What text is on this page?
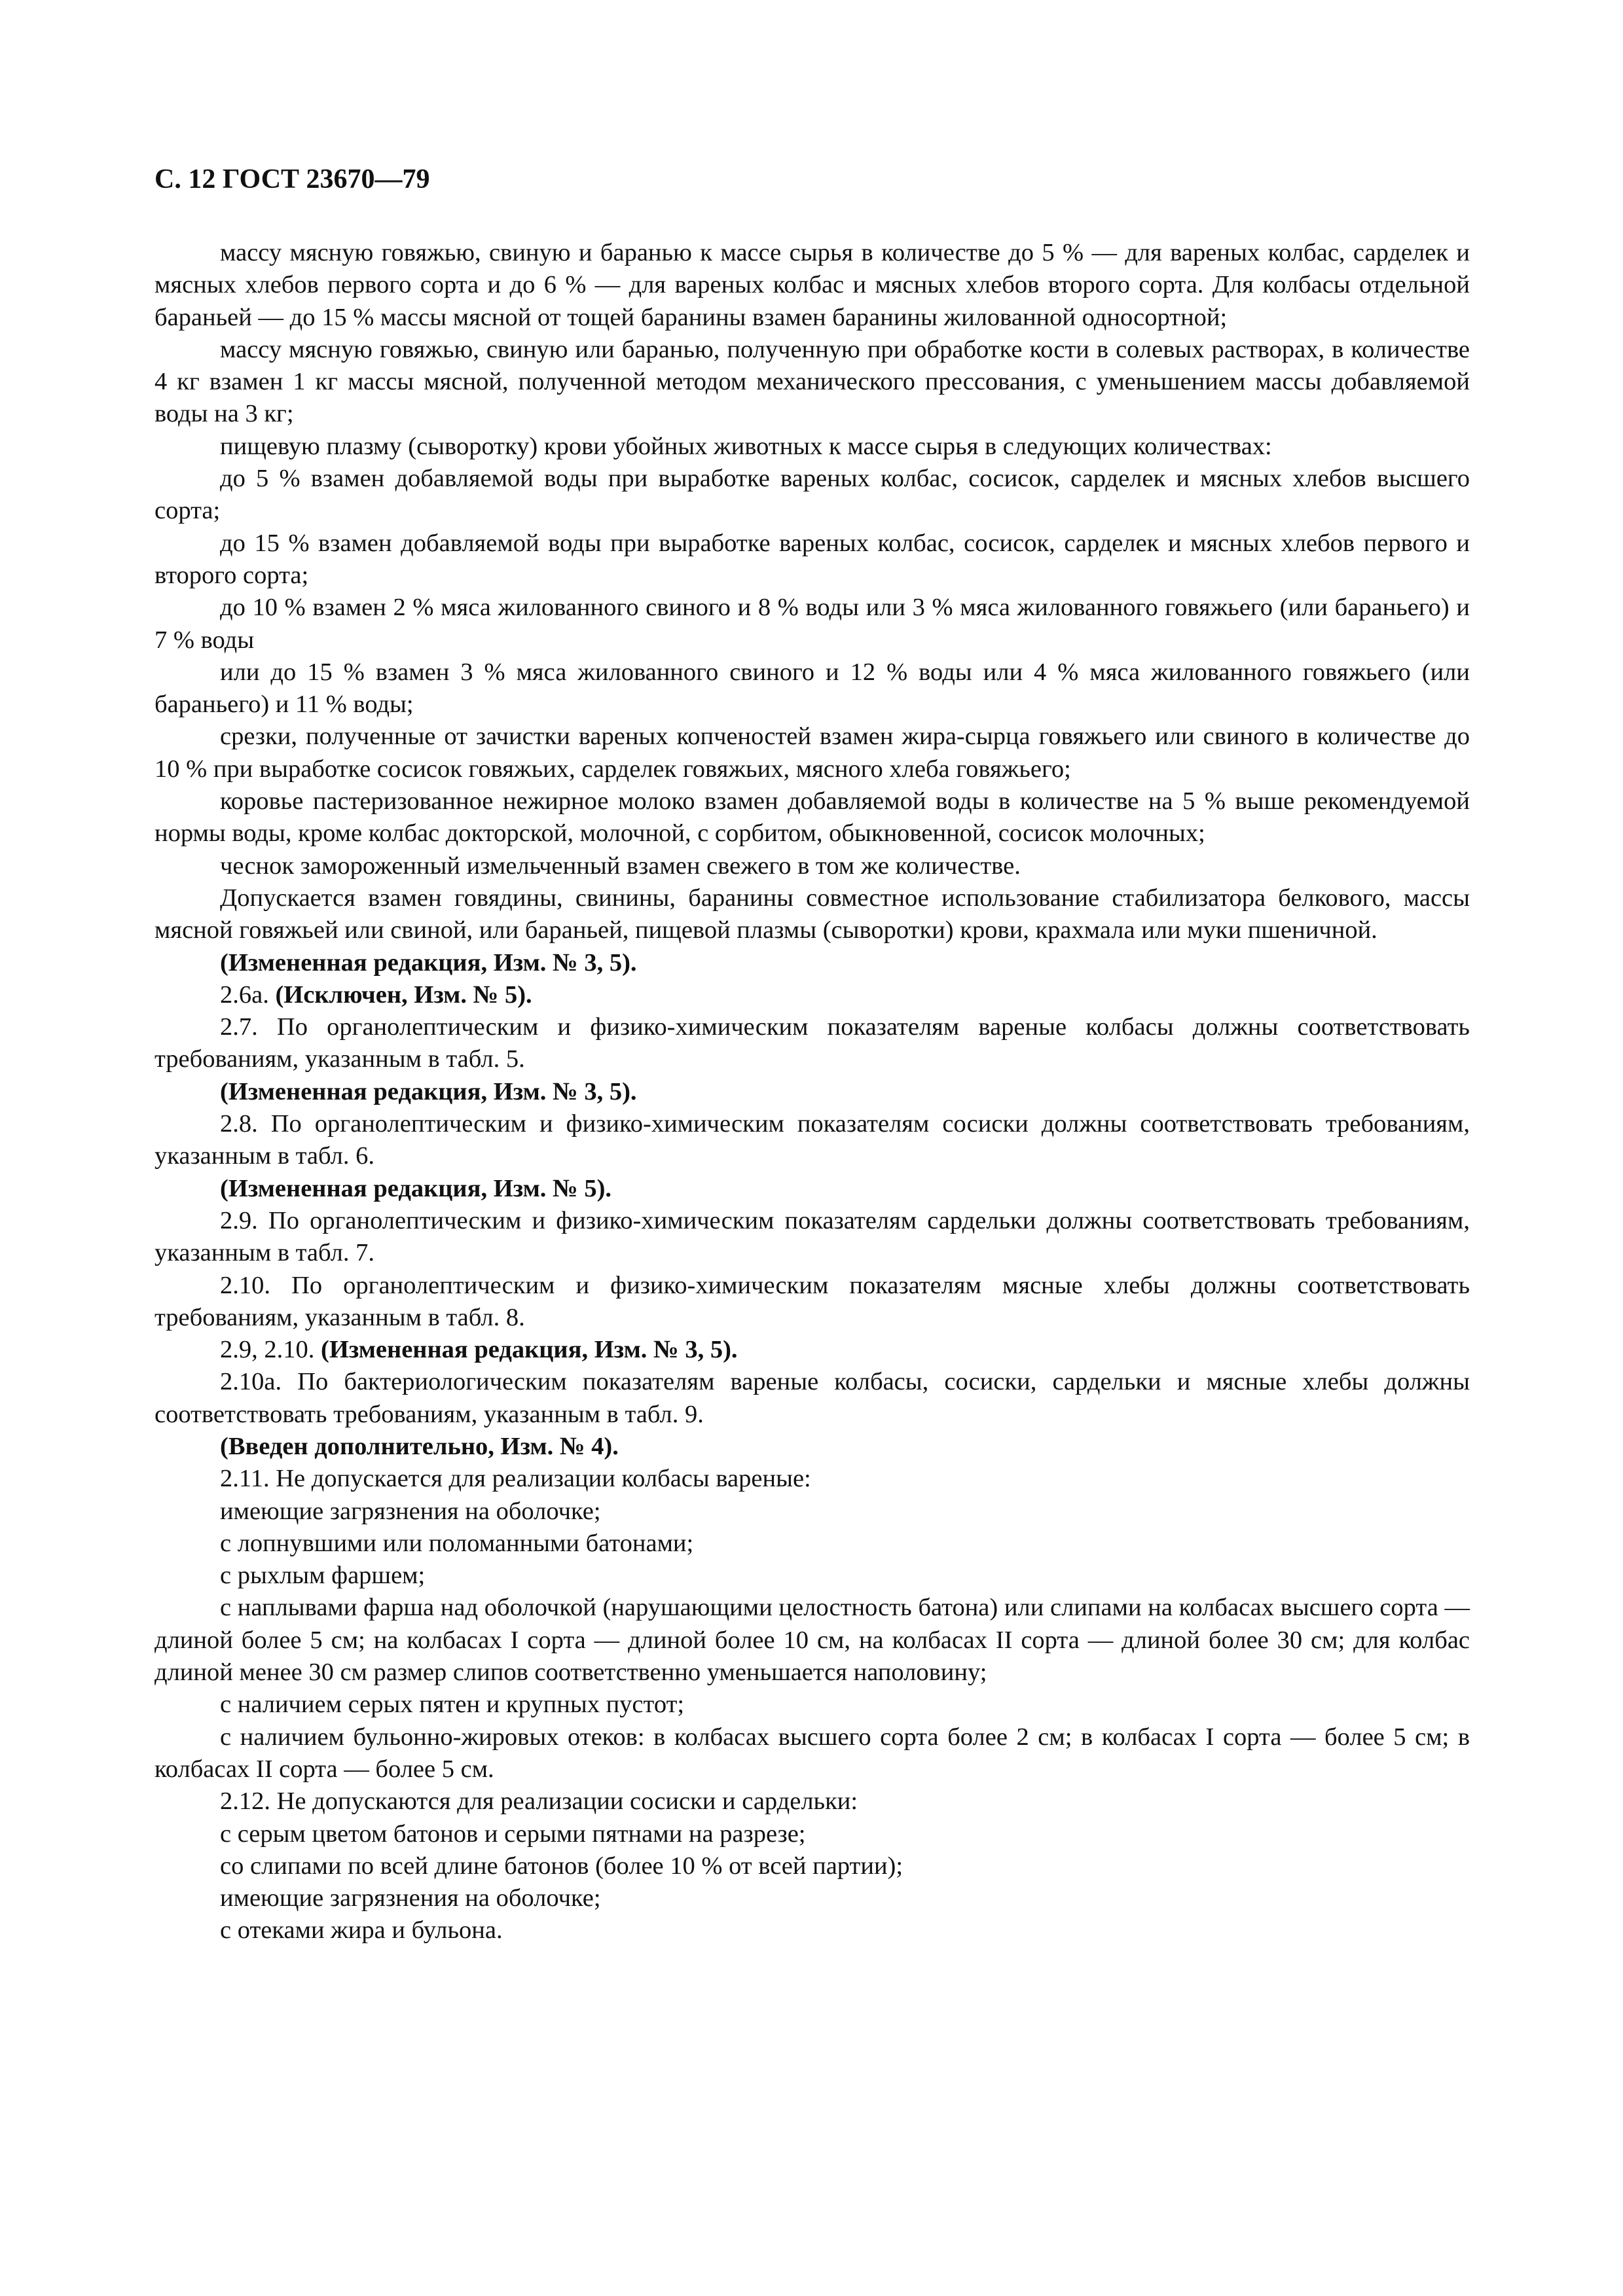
С. 12 ГОСТ 23670—79

массу мясную говяжью, свиную и баранью к массе сырья в количестве до 5 % — для вареных колбас, сарделек и мясных хлебов первого сорта и до 6 % — для вареных колбас и мясных хлебов второго сорта. Для колбасы отдельной бараньей — до 15 % массы мясной от тощей баранины взамен баранины жилованной односортной;

массу мясную говяжью, свиную или баранью, полученную при обработке кости в солевых растворах, в количестве 4 кг взамен 1 кг массы мясной, полученной методом механического прессования, с уменьшением массы добавляемой воды на 3 кг;

пищевую плазму (сыворотку) крови убойных животных к массе сырья в следующих количествах:

до 5 % взамен добавляемой воды при выработке вареных колбас, сосисок, сарделек и мясных хлебов высшего сорта;

до 15 % взамен добавляемой воды при выработке вареных колбас, сосисок, сарделек и мясных хлебов первого и второго сорта;

до 10 % взамен 2 % мяса жилованного свиного и 8 % воды или 3 % мяса жилованного говяжьего (или бараньего) и 7 % воды

или до 15 % взамен 3 % мяса жилованного свиного и 12 % воды или 4 % мяса жилованного говяжьего (или бараньего) и 11 % воды;

срезки, полученные от зачистки вареных копченостей взамен жира-сырца говяжьего или свиного в количестве до 10 % при выработке сосисок говяжьих, сарделек говяжьих, мясного хлеба говяжьего;

коровье пастеризованное нежирное молоко взамен добавляемой воды в количестве на 5 % выше рекомендуемой нормы воды, кроме колбас докторской, молочной, с сорбитом, обыкновенной, сосисок молочных;

чеснок замороженный измельченный взамен свежего в том же количестве.

Допускается взамен говядины, свинины, баранины совместное использование стабилизатора белкового, массы мясной говяжьей или свиной, или бараньей, пищевой плазмы (сыворотки) крови, крахмала или муки пшеничной.

(Измененная редакция, Изм. № 3, 5).

2.6а. (Исключен, Изм. № 5).

2.7. По органолептическим и физико-химическим показателям вареные колбасы должны соответствовать требованиям, указанным в табл. 5.

(Измененная редакция, Изм. № 3, 5).

2.8. По органолептическим и физико-химическим показателям сосиски должны соответствовать требованиям, указанным в табл. 6.

(Измененная редакция, Изм. № 5).

2.9. По органолептическим и физико-химическим показателям сардельки должны соответствовать требованиям, указанным в табл. 7.

2.10. По органолептическим и физико-химическим показателям мясные хлебы должны соответствовать требованиям, указанным в табл. 8.

2.9, 2.10. (Измененная редакция, Изм. № 3, 5).

2.10а. По бактериологическим показателям вареные колбасы, сосиски, сардельки и мясные хлебы должны соответствовать требованиям, указанным в табл. 9.

(Введен дополнительно, Изм. № 4).

2.11. Не допускается для реализации колбасы вареные:

имеющие загрязнения на оболочке;

с лопнувшими или поломанными батонами;

с рыхлым фаршем;

с наплывами фарша над оболочкой (нарушающими целостность батона) или слипами на колбасах высшего сорта — длиной более 5 см; на колбасах I сорта — длиной более 10 см, на колбасах II сорта — длиной более 30 см; для колбас длиной менее 30 см размер слипов соответственно уменьшается наполовину;

с наличием серых пятен и крупных пустот;

с наличием бульонно-жировых отеков: в колбасах высшего сорта более 2 см; в колбасах I сорта — более 5 см; в колбасах II сорта — более 5 см.

2.12. Не допускаются для реализации сосиски и сардельки:

с серым цветом батонов и серыми пятнами на разрезе;

со слипами по всей длине батонов (более 10 % от всей партии);

имеющие загрязнения на оболочке;

с отеками жира и бульона.
